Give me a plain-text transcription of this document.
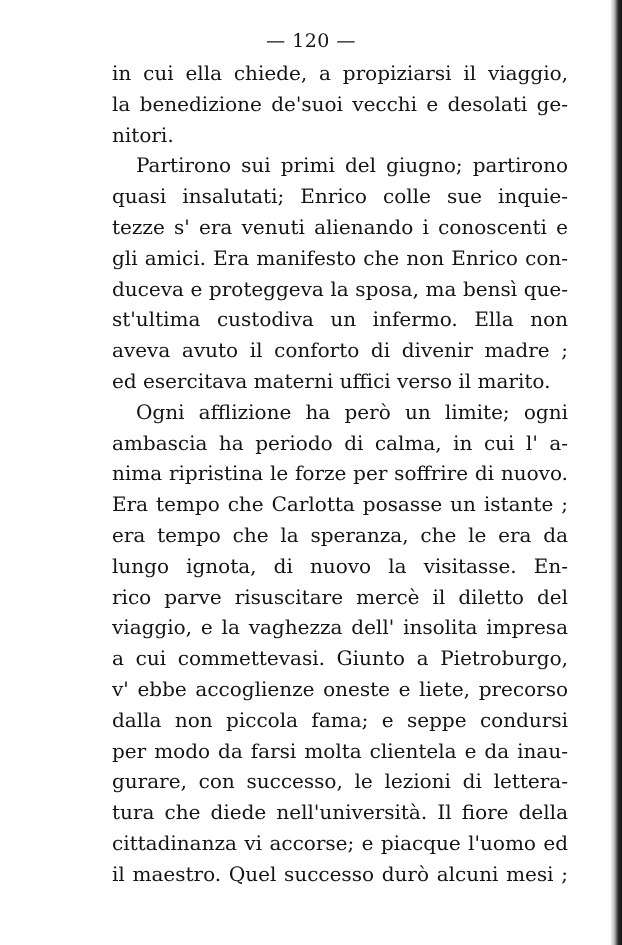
— 120 —
in cui ella chiede, a propiziarsi il viaggio,
la benedizione de'suoi vecchi e desolati ge-
nitori.
Partirono sui primi del giugno; partirono
quasi insalutati; Enrico colle sue inquie-
tezze s' era venuti alienando i conoscenti e
gli amici. Era manifesto che non Enrico con-
duceva e proteggeva la sposa, ma bensì que-
st'ultima custodiva un infermo. Ella non
aveva avuto il conforto di divenir madre ;
ed esercitava materni uffici verso il marito.
Ogni afflizione ha però un limite; ogni
ambascia ha periodo di calma, in cui l' a-
nima ripristina le forze per soffrire di nuovo.
Era tempo che Carlotta posasse un istante ;
era tempo che la speranza, che le era da
lungo ignota, di nuovo la visitasse. En-
rico parve risuscitare mercè il diletto del
viaggio, e la vaghezza dell' insolita impresa
a cui commettevasi. Giunto a Pietroburgo,
v' ebbe accoglienze oneste e liete, precorso
dalla non piccola fama; e seppe condursi
per modo da farsi molta clientela e da inau-
gurare, con successo, le lezioni di lettera-
tura che diede nell'università. Il fiore della
cittadinanza vi accorse; e piacque l'uomo ed
il maestro. Quel successo durò alcuni mesi ;
